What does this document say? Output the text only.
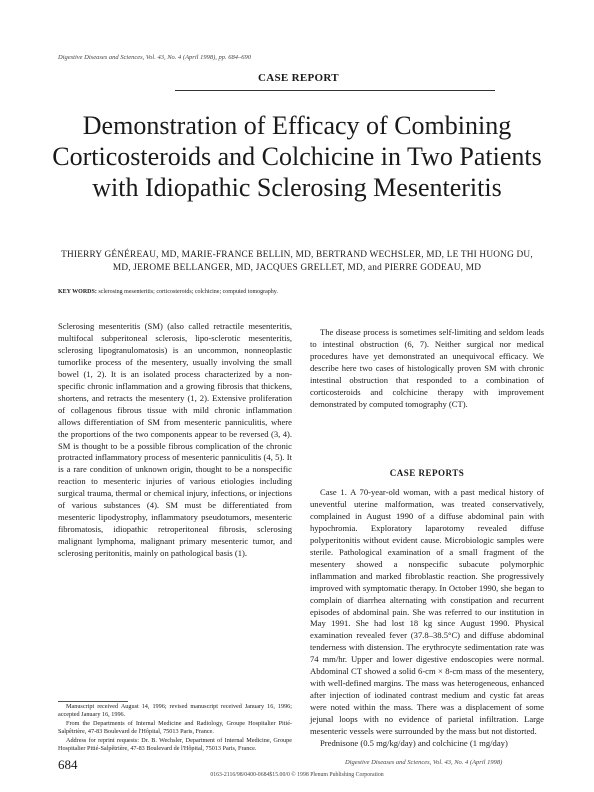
Digestive Diseases and Sciences, Vol. 43, No. 4 (April 1998), pp. 684–690
CASE REPORT
Demonstration of Efficacy of Combining Corticosteroids and Colchicine in Two Patients with Idiopathic Sclerosing Mesenteritis
THIERRY GÉNÉREAU, MD, MARIE-FRANCE BELLIN, MD, BERTRAND WECHSLER, MD, LE THI HUONG DU, MD, JEROME BELLANGER, MD, JACQUES GRELLET, MD, and PIERRE GODEAU, MD
KEY WORDS: sclerosing mesenteritis; corticosteroids; colchicine; computed tomography.
Sclerosing mesenteritis (SM) (also called retractile mesenteritis, multifocal subperitoneal sclerosis, lipo-sclerotic mesenteritis, sclerosing lipogranulomatosis) is an uncommon, nonneoplastic tumorlike process of the mesentery, usually involving the small bowel (1, 2). It is an isolated process characterized by a non-specific chronic inflammation and a growing fibrosis that thickens, shortens, and retracts the mesentery (1, 2). Extensive proliferation of collagenous fibrous tissue with mild chronic inflammation allows differentiation of SM from mesenteric panniculitis, where the proportions of the two components appear to be reversed (3, 4). SM is thought to be a possible fibrous complication of the chronic protracted inflammatory process of mesenteric panniculitis (4, 5). It is a rare condition of unknown origin, thought to be a nonspecific reaction to mesenteric injuries of various etiologies including surgical trauma, thermal or chemical injury, infections, or injections of various substances (4). SM must be differentiated from mesenteric lipodystrophy, inflammatory pseudotumors, mesenteric fibromatosis, idiopathic retroperitoneal fibrosis, sclerosing malignant lymphoma, malignant primary mesenteric tumor, and sclerosing peritonitis, mainly on pathological basis (1).
The disease process is sometimes self-limiting and seldom leads to intestinal obstruction (6, 7). Neither surgical nor medical procedures have yet demonstrated an unequivocal efficacy. We describe here two cases of histologically proven SM with chronic intestinal obstruction that responded to a combination of corticosteroids and colchicine therapy with improvement demonstrated by computed tomography (CT).
CASE REPORTS
Case 1. A 70-year-old woman, with a past medical history of uneventful uterine malformation, was treated conservatively, complained in August 1990 of a diffuse abdominal pain with hypochromia. Exploratory laparotomy revealed diffuse polyperitonitis without evident cause. Microbiologic samples were sterile. Pathological examination of a small fragment of the mesentery showed a nonspecific subacute polymorphic inflammation and marked fibroblastic reaction. She progressively improved with symptomatic therapy. In October 1990, she began to complain of diarrhea alternating with constipation and recurrent episodes of abdominal pain. She was referred to our institution in May 1991. She had lost 18 kg since August 1990. Physical examination revealed fever (37.8–38.5°C) and diffuse abdominal tenderness with distension. The erythrocyte sedimentation rate was 74 mm/hr. Upper and lower digestive endoscopies were normal. Abdominal CT showed a solid 6-cm × 8-cm mass of the mesentery, with well-defined margins. The mass was heterogeneous, enhanced after injection of iodinated contrast medium and cystic fat areas were noted within the mass. There was a displacement of some jejunal loops with no evidence of parietal infiltration. Large mesenteric vessels were surrounded by the mass but not distorted.
Prednisone (0.5 mg/kg/day) and colchicine (1 mg/day)

Manuscript received August 14, 1996; revised manuscript received January 16, 1996; accepted January 16, 1996.

From the Departments of Internal Medicine and Radiology, Groupe Hospitalier Pitié-Salpêtrière, 47-83 Boulevard de l'Hôpital, 75013 Paris, France.

Address for reprint requests: Dr. B. Wechsler, Department of Internal Medicine, Groupe Hospitalier Pitié-Salpêtrière, 47-83 Boulevard de l'Hôpital, 75013 Paris, France.

684	Digestive Diseases and Sciences, Vol. 43, No. 4 (April 1998)
0163-2116/98/0400-0684$15.00/0 © 1998 Plenum Publishing Corporation
